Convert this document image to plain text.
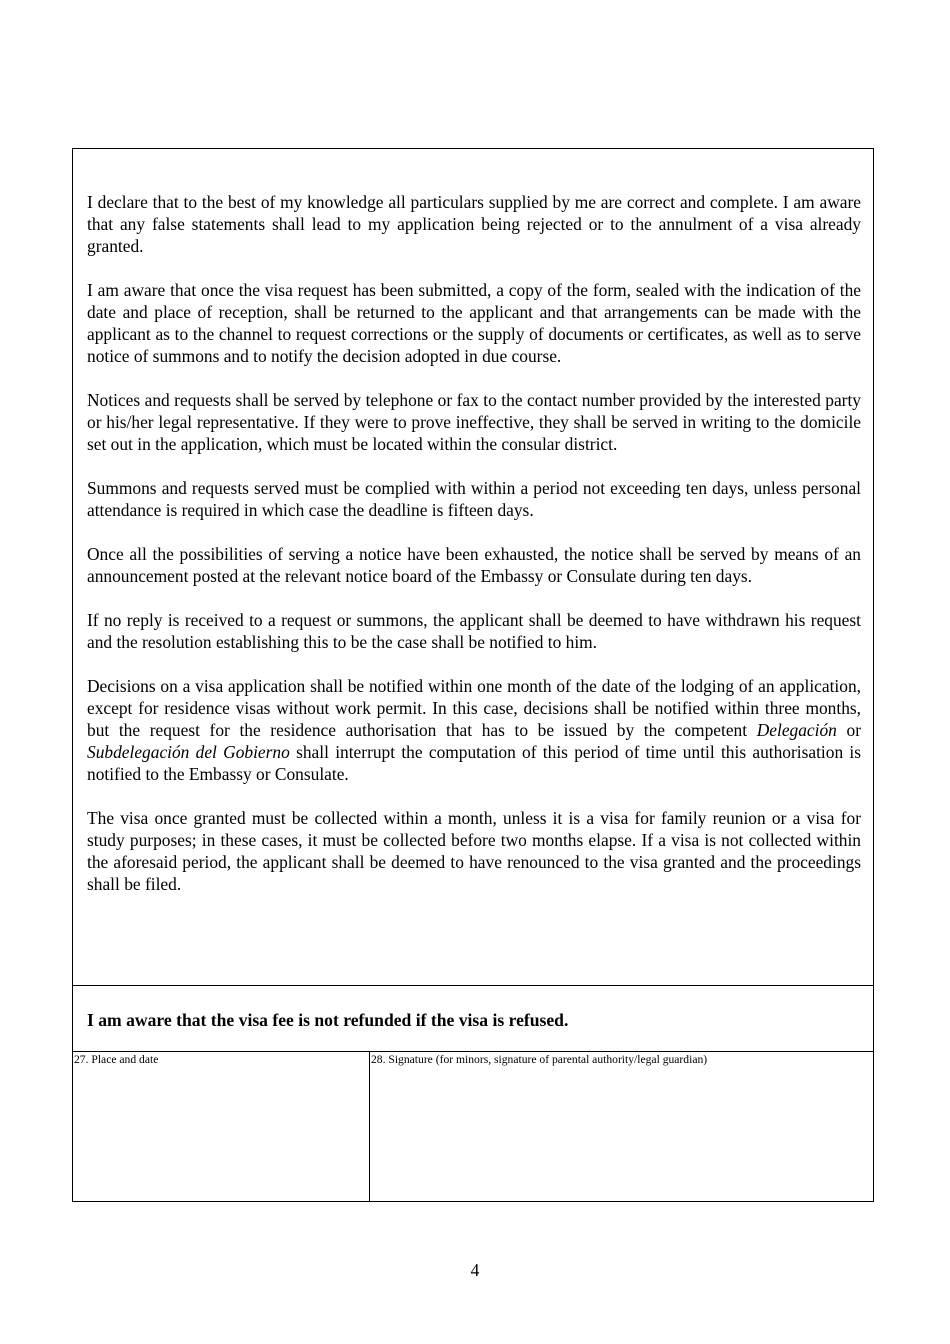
I declare that to the best of my knowledge all particulars supplied by me are correct and complete. I am aware that any false statements shall lead to my application being rejected or to the annulment of a visa already granted.

I am aware that once the visa request has been submitted, a copy of the form, sealed with the indication of the date and place of reception, shall be returned to the applicant and that arrangements can be made with the applicant as to the channel to request corrections or the supply of documents or certificates, as well as to serve notice of summons and to notify the decision adopted in due course.

Notices and requests shall be served by telephone or fax to the contact number provided by the interested party or his/her legal representative. If they were to prove ineffective, they shall be served in writing to the domicile set out in the application, which must be located within the consular district.

Summons and requests served must be complied with within a period not exceeding ten days, unless personal attendance is required in which case the deadline is fifteen days.

Once all the possibilities of serving a notice have been exhausted, the notice shall be served by means of an announcement posted at the relevant notice board of the Embassy or Consulate during ten days.

If no reply is received to a request or summons, the applicant shall be deemed to have withdrawn his request and the resolution establishing this to be the case shall be notified to him.

Decisions on a visa application shall be notified within one month of the date of the lodging of an application, except for residence visas without work permit. In this case, decisions shall be notified within three months, but the request for the residence authorisation that has to be issued by the competent Delegación or Subdelegación del Gobierno shall interrupt the computation of this period of time until this authorisation is notified to the Embassy or Consulate.

The visa once granted must be collected within a month, unless it is a visa for family reunion or a visa for study purposes; in these cases, it must be collected before two months elapse. If a visa is not collected within the aforesaid period, the applicant shall be deemed to have renounced to the visa granted and the proceedings shall be filed.

I am aware that the visa fee is not refunded if the visa is refused.

27. Place and date	28. Signature (for minors, signature of parental authority/legal guardian)
4
